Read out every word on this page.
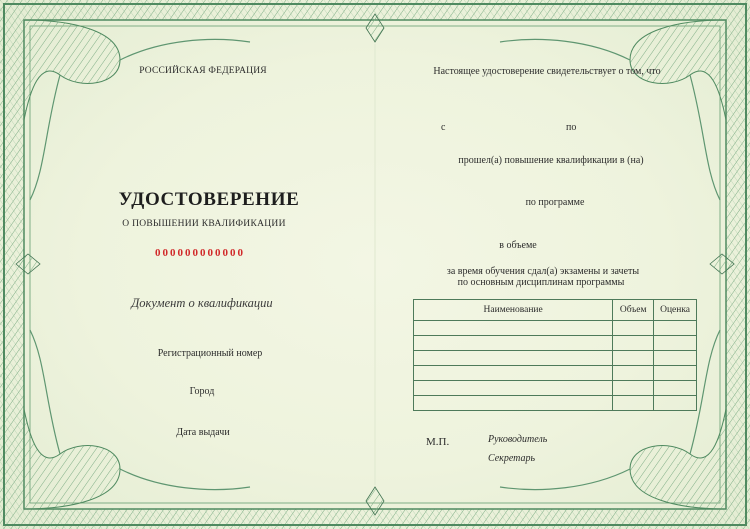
РОССИЙСКАЯ ФЕДЕРАЦИЯ
УДОСТОВЕРЕНИЕ
О ПОВЫШЕНИИ КВАЛИФИКАЦИИ
000000000000
Документ о квалификации
Регистрационный номер
Город
Дата выдачи
Настоящее удостоверение свидетельствует о том, что
с	по
прошел(а) повышение квалификации в (на)
по программе
в объеме
за время обучения сдал(а) экзамены и зачеты
по основным дисциплинам программы
Наименование	Объем	Оценка

М.П.	Руководитель
Секретарь
